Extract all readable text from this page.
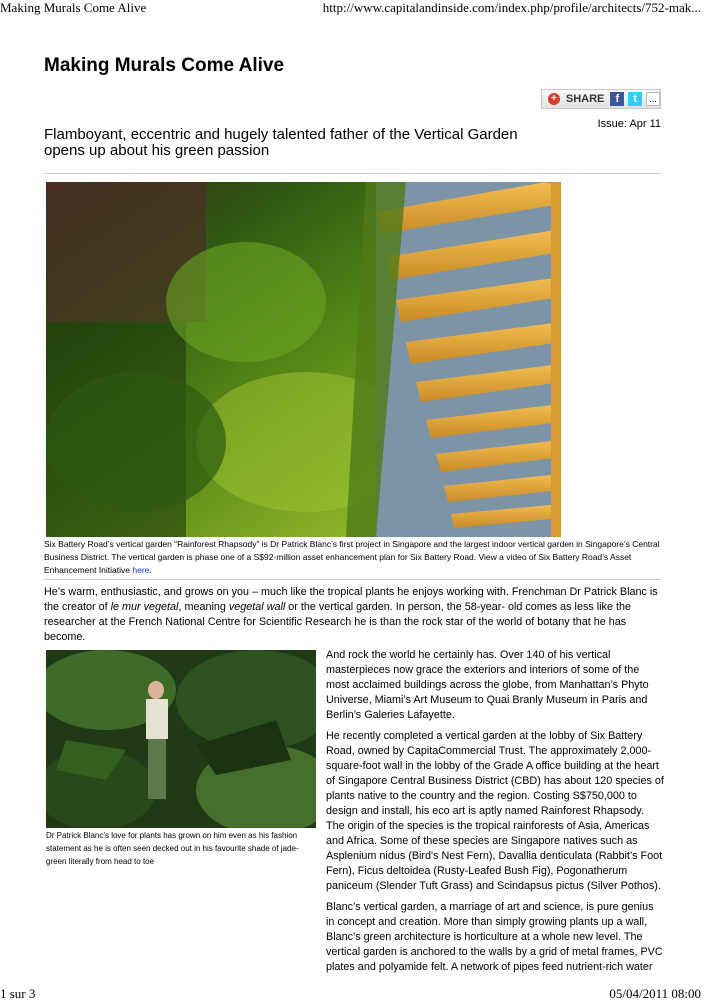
Making Murals Come Alive	http://www.capitalandinside.com/index.php/profile/architects/752-mak...
Making Murals Come Alive
+ SHARE	f	t	...
Flamboyant, eccentric and hugely talented father of the Vertical Garden opens up about his green passion
Issue: Apr 11
Six Battery Road’s vertical garden “Rainforest Rhapsody” is Dr Patrick Blanc’s first project in Singapore and the largest indoor vertical garden in Singapore’s Central Business District. The vertical garden is phase one of a S$92-million asset enhancement plan for Six Battery Road. View a video of Six Battery Road’s Asset Enhancement Initiative here.

He’s warm, enthusiastic, and grows on you – much like the tropical plants he enjoys working with. Frenchman Dr Patrick Blanc is the creator of le mur vegetal, meaning vegetal wall or the vertical garden. In person, the 58-year- old comes as less like the researcher at the French National Centre for Scientific Research he is than the rock star of the world of botany that he has become.

Dr Patrick Blanc’s love for plants has grown on him even as his fashion statement as he is often seen decked out in his favourite shade of jade-green literally from head to toe

And rock the world he certainly has. Over 140 of his vertical masterpieces now grace the exteriors and interiors of some of the most acclaimed buildings across the globe, from Manhattan’s Phyto Universe, Miami’s Art Museum to Quai Branly Museum in Paris and Berlin’s Galeries Lafayette.

He recently completed a vertical garden at the lobby of Six Battery Road, owned by CapitaCommercial Trust. The approximately 2,000-square-foot wall in the lobby of the Grade A office building at the heart of Singapore Central Business District (CBD) has about 120 species of plants native to the country and the region. Costing S$750,000 to design and install, his eco art is aptly named Rainforest Rhapsody. The origin of the species is the tropical rainforests of Asia, Americas and Africa. Some of these species are Singapore natives such as Asplenium nidus (Bird's Nest Fern), Davallia denticulata (Rabbit’s Foot Fern), Ficus deltoidea (Rusty-Leafed Bush Fig), Pogonatherum paniceum (Slender Tuft Grass) and Scindapsus pictus (Silver Pothos).

Blanc’s vertical garden, a marriage of art and science, is pure genius in concept and creation. More than simply growing plants up a wall, Blanc’s green architecture is horticulture at a whole new level. The vertical garden is anchored to the walls by a grid of metal frames, PVC plates and polyamide felt. A network of pipes feed nutrient-rich water

1 sur 3	05/04/2011 08:00
